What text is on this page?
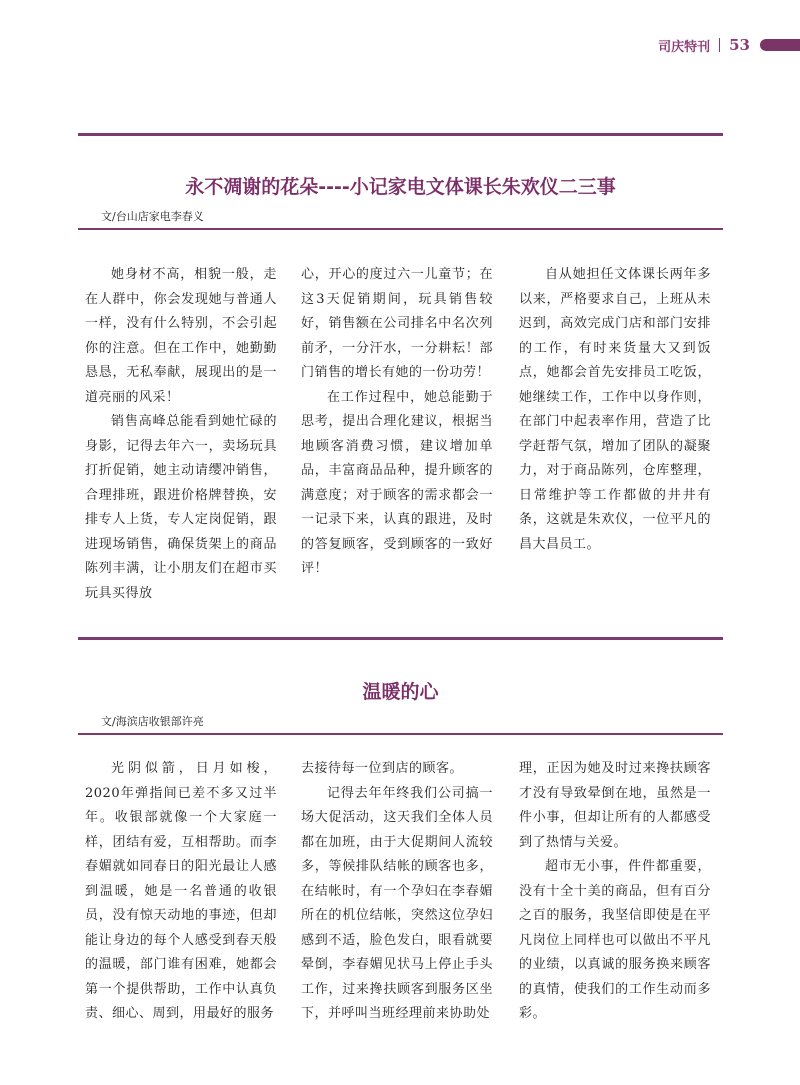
司庆特刊 53
永不凋谢的花朵----小记家电文体课长朱欢仪二三事
文/台山店家电李春义

她身材不高，相貌一般，走在人群中，你会发现她与普通人一样，没有什么特别，不会引起你的注意。但在工作中，她勤勤恳恳，无私奉献，展现出的是一道亮丽的风采！

销售高峰总能看到她忙碌的身影，记得去年六一，卖场玩具打折促销，她主动请缨冲销售，合理排班，跟进价格牌替换，安排专人上货，专人定岗促销，跟进现场销售，确保货架上的商品陈列丰满，让小朋友们在超市买玩具买得放

心，开心的度过六一儿童节；在这3天促销期间，玩具销售较好，销售额在公司排名中名次列前矛，一分汗水，一分耕耘！部门销售的增长有她的一份功劳！

在工作过程中，她总能勤于思考，提出合理化建议，根据当地顾客消费习惯，建议增加单品，丰富商品品种，提升顾客的满意度；对于顾客的需求都会一一记录下来，认真的跟进，及时的答复顾客，受到顾客的一致好评！

自从她担任文体课长两年多以来，严格要求自己，上班从未迟到，高效完成门店和部门安排的工作，有时来货量大又到饭点，她都会首先安排员工吃饭，她继续工作，工作中以身作则，在部门中起表率作用，营造了比学赶帮气氛，增加了团队的凝聚力，对于商品陈列，仓库整理，日常维护等工作都做的井井有条，这就是朱欢仪，一位平凡的昌大昌员工。

温暖的心
文/海滨店收银部许亮

光阴似箭，日月如梭，2020年弹指间已差不多又过半年。收银部就像一个大家庭一样，团结有爱，互相帮助。而李春媚就如同春日的阳光最让人感到温暖，她是一名普通的收银员，没有惊天动地的事迹，但却能让身边的每个人感受到春天般的温暖，部门谁有困难，她都会第一个提供帮助，工作中认真负责、细心、周到，用最好的服务

去接待每一位到店的顾客。

记得去年年终我们公司搞一场大促活动，这天我们全体人员都在加班，由于大促期间人流较多，等候排队结帐的顾客也多，在结帐时，有一个孕妇在李春媚所在的机位结帐，突然这位孕妇感到不适，脸色发白，眼看就要晕倒，李春媚见状马上停止手头工作，过来搀扶顾客到服务区坐下，并呼叫当班经理前来协助处

理，正因为她及时过来搀扶顾客才没有导致晕倒在地，虽然是一件小事，但却让所有的人都感受到了热情与关爱。

超市无小事，件件都重要，没有十全十美的商品，但有百分之百的服务，我坚信即使是在平凡岗位上同样也可以做出不平凡的业绩，以真诚的服务换来顾客的真情，使我们的工作生动而多彩。
